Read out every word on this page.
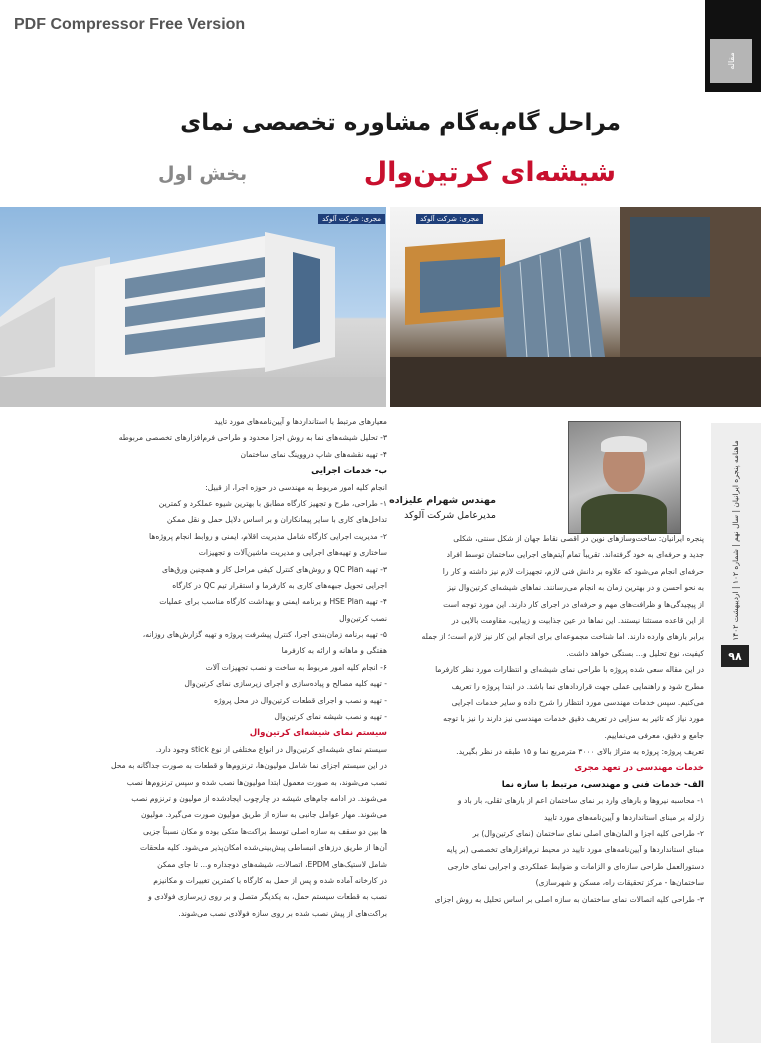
PDF Compressor Free Version
مقاله
مراحل گام‌به‌گام مشاوره تخصصی نمای
شیشه‌ای کرتین‌وال
بخش اول
مجری: شرکت آلوکد	مجری: شرکت آلوکد
ماهنامه پنجره ایرانیان | سال نهم | شماره ۱۰۲ | اردیبهشت ۱۴۰۲
۹۸
مهندس شهرام علیزاده
مدیرعامل شرکت آلوکد

معیارهای مرتبط با استانداردها و آیین‌نامه‌های مورد تایید

۳- تحلیل شیشه‌های نما به روش اجزا محدود و طراحی فرم‌افزارهای تخصصی مربوطه

۴- تهیه نقشه‌های شاپ درووینگ نمای ساختمان

ب- خدمات اجرایی

انجام کلیه امور مربوط به مهندسی در حوزه اجرا، از قبیل:

۱- طراحی، طرح و تجهیز کارگاه مطابق با بهترین شیوه عملکرد و کمترین

تداخل‌های کاری با سایر پیمانکاران و بر اساس دلایل حمل و نقل ممکن

۲- مدیریت اجرایی کارگاه شامل مدیریت اقلام، ایمنی و روابط انجام پروژه‌ها

ساختاری و تهیه‌های اجرایی و مدیریت ماشین‌آلات و تجهیزات

۳- تهیه QC Plan و روش‌های کنترل کیفی مراحل کار و همچنین ورق‌های

اجرایی تحویل جبهه‌های کاری به کارفرما و استقرار تیم QC در کارگاه

۴- تهیه HSE Plan و برنامه ایمنی و بهداشت کارگاه مناسب برای عملیات

نصب کرتین‌وال

۵- تهیه برنامه زمان‌بندی اجرا، کنترل پیشرفت پروژه و تهیه گزارش‌های روزانه،

هفتگی و ماهانه و ارائه به کارفرما

۶- انجام کلیه امور مربوط به ساخت و نصب تجهیزات آلات

- تهیه کلیه مصالح و پیاده‌سازی و اجرای زیرسازی نمای کرتین‌وال

- تهیه و نصب و اجرای قطعات کرتین‌وال در محل پروژه

- تهیه و نصب شیشه نمای کرتین‌وال

سیستم نمای شیشه‌ای کرتین‌وال

سیستم نمای شیشه‌ای کرتین‌وال در انواع مختلفی از نوع stick وجود دارد.

در این سیستم اجزای نما شامل مولیون‌ها، ترنزوم‌ها و قطعات به صورت جداگانه به محل

نصب می‌شوند، به صورت معمول ابتدا مولیون‌ها نصب شده و سپس ترنزوم‌ها نصب

می‌شوند. در ادامه جام‌های شیشه در چارچوب ایجادشده از مولیون و ترنزوم نصب

می‌شوند. مهار عوامل جانبی به سازه از طریق مولیون صورت می‌گیرد. مولیون

ها بین دو سقف به سازه اصلی توسط براکت‌ها متکی بوده و مکان نسبتاً جزیی

آن‌ها از طریق درزهای انبساطی پیش‌بینی‌شده امکان‌پذیر می‌شود. کلیه ملحقات

شامل لاستیک‌های EPDM، اتصالات، شیشه‌های دوجداره و... تا جای ممکن

در کارخانه آماده شده و پس از حمل به کارگاه با کمترین تغییرات و مکانیزم

نصب به قطعات سیستم حمل، به یکدیگر متصل و بر روی زیرسازی فولادی و

براکت‌های از پیش نصب شده بر روی سازه فولادی نصب می‌شوند.

پنجره ایرانیان: ساخت‌وسازهای نوین در اقصی نقاط جهان از شکل سنتی، شکلی

جدید و حرفه‌ای به خود گرفته‌اند. تقریباً تمام آیتم‌های اجرایی ساختمان توسط افراد

حرفه‌ای انجام می‌شود که علاوه بر دانش فنی لازم، تجهیزات لازم نیز داشته و کار را

به نحو احسن و در بهترین زمان به انجام می‌رسانند. نماهای شیشه‌ای کرتین‌وال نیز

از پیچیدگی‌ها و ظرافت‌های مهم و حرفه‌ای در اجرای کار دارند. این مورد توجه است

از این قاعده مستثنا نیستند. این نماها در عین جذابیت و زیبایی، مقاومت بالایی در

برابر بارهای وارده دارند. اما شناخت مجموعه‌ای برای انجام این کار نیز لازم است؛ از جمله

کیفیت، نوع تحلیل و... بستگی خواهد داشت.

در این مقاله سعی شده پروژه با طراحی نمای شیشه‌ای و انتظارات مورد نظر کارفرما

مطرح شود و راهنمایی عملی جهت قراردادهای نما باشد. در ابتدا پروژه را تعریف

می‌کنیم. سپس خدمات مهندسی مورد انتظار را شرح داده و سایر خدمات اجرایی

مورد نیاز که تاثیر به سزایی در تعریف دقیق خدمات مهندسی نیز دارند را نیز با توجه

جامع و دقیق، معرفی می‌نماییم.

تعریف پروژه: پروژه به متراژ بالای ۳۰۰۰ مترمربع نما و ۱۵ طبقه در نظر بگیرید.

خدمات مهندسی در تعهد مجری

الف- خدمات فنی و مهندسی، مرتبط با سازه نما

۱- محاسبه نیروها و بارهای وارد بر نمای ساختمان اعم از بارهای ثقلی، بار باد و

زلزله بر مبنای استانداردها و آیین‌نامه‌های مورد تایید

۲- طراحی کلیه اجزا و المان‌های اصلی نمای ساختمان (نمای کرتین‌وال) بر

مبنای استانداردها و آیین‌نامه‌های مورد تایید در محیط نرم‌افزارهای تخصصی (بر پایه

دستورالعمل طراحی سازه‌ای و الزامات و ضوابط عملکردی و اجرایی نمای خارجی

ساختمان‌ها - مرکز تحقیقات راه، مسکن و شهرسازی)

۳- طراحی کلیه اتصالات نمای ساختمان به سازه اصلی بر اساس تحلیل به روش اجزای
